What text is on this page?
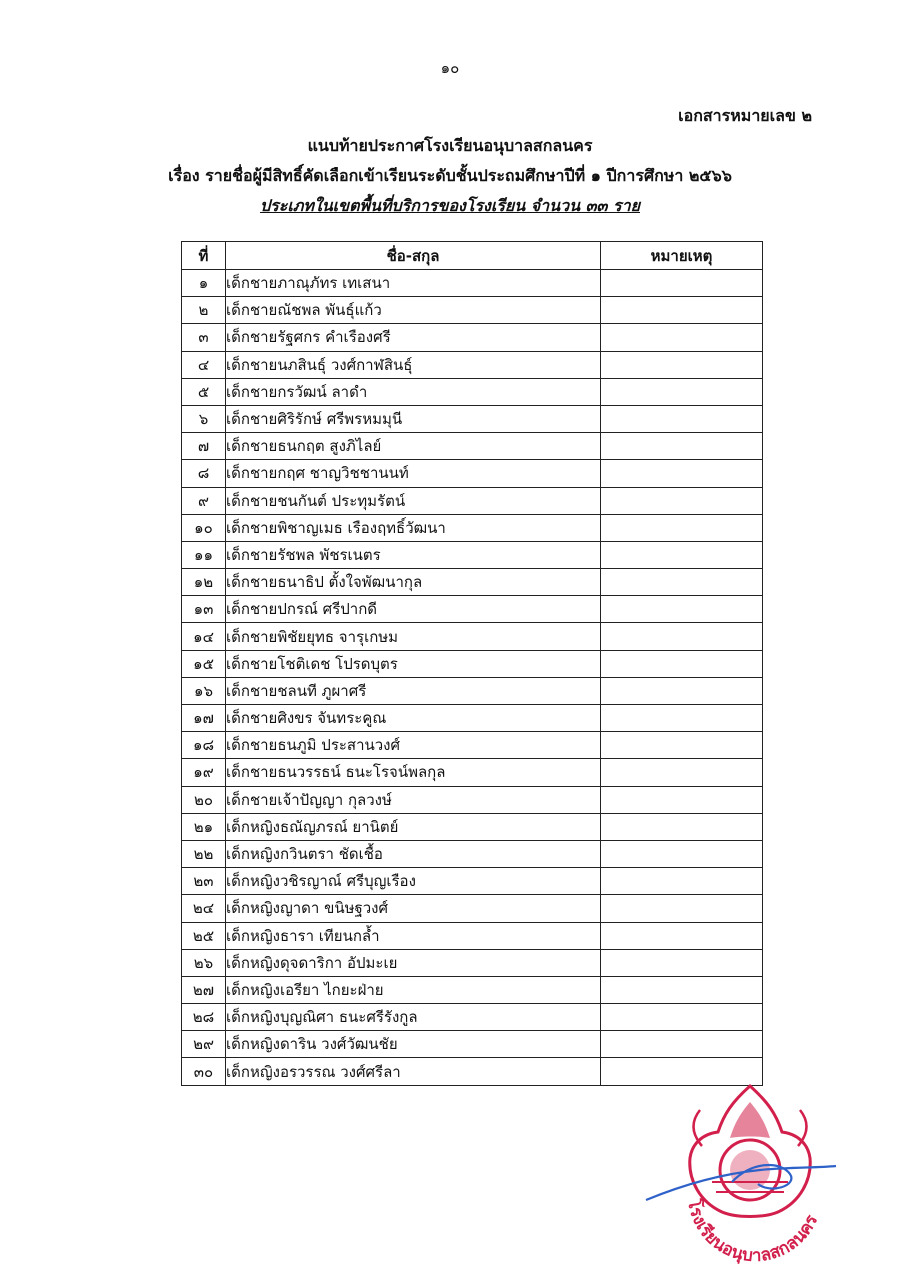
๑๐
เอกสารหมายเลข ๒
แนบท้ายประกาศโรงเรียนอนุบาลสกลนคร
เรื่อง รายชื่อผู้มีสิทธิ์คัดเลือกเข้าเรียนระดับชั้นประถมศึกษาปีที่ ๑ ปีการศึกษา ๒๕๖๖
ประเภทในเขตพื้นที่บริการของโรงเรียน จำนวน ๓๓ ราย
ที่	ชื่อ-สกุล	หมายเหตุ
๑	เด็กชายภาณุภัทร เทเสนา	
๒	เด็กชายณัชพล พันธุ์แก้ว	
๓	เด็กชายรัฐศกร คำเรืองศรี	
๔	เด็กชายนภสินธุ์ วงศ์กาฬสินธุ์	
๕	เด็กชายกรวัฒน์ ลาดำ	
๖	เด็กชายศิริรักษ์ ศรีพรหมมุนี	
๗	เด็กชายธนกฤต สูงภิไลย์	
๘	เด็กชายกฤศ ชาญวิชชานนท์	
๙	เด็กชายชนกันต์ ประทุมรัตน์	
๑๐	เด็กชายพิชาญเมธ เรืองฤทธิ์วัฒนา	
๑๑	เด็กชายรัชพล พัชรเนตร	
๑๒	เด็กชายธนาธิป ตั้งใจพัฒนากุล	
๑๓	เด็กชายปกรณ์ ศรีปากดี	
๑๔	เด็กชายพิชัยยุทธ จารุเกษม	
๑๕	เด็กชายโชติเดช โปรดบุตร	
๑๖	เด็กชายชลนที ภูผาศรี	
๑๗	เด็กชายศิงขร จันทระคูณ	
๑๘	เด็กชายธนภูมิ ประสานวงศ์	
๑๙	เด็กชายธนวรรธน์ ธนะโรจน์พลกุล	
๒๐	เด็กชายเจ้าปัญญา กุลวงษ์	
๒๑	เด็กหญิงธณัญภรณ์ ยานิตย์	
๒๒	เด็กหญิงกวินตรา ชัดเชื้อ	
๒๓	เด็กหญิงวชิรญาณ์ ศรีบุญเรือง	
๒๔	เด็กหญิงญาดา ขนิษฐวงศ์	
๒๕	เด็กหญิงธารา เทียนกล้ำ	
๒๖	เด็กหญิงดุจดาริกา อัปมะเย	
๒๗	เด็กหญิงเอรียา ไกยะฝ่าย	
๒๘	เด็กหญิงบุญณิศา ธนะศรีรังกูล	
๒๙	เด็กหญิงดาริน วงศ์วัฒนชัย	
๓๐	เด็กหญิงอรวรรณ วงศ์ศรีลา	
โรงเรียนอนุบาลสกลนคร
